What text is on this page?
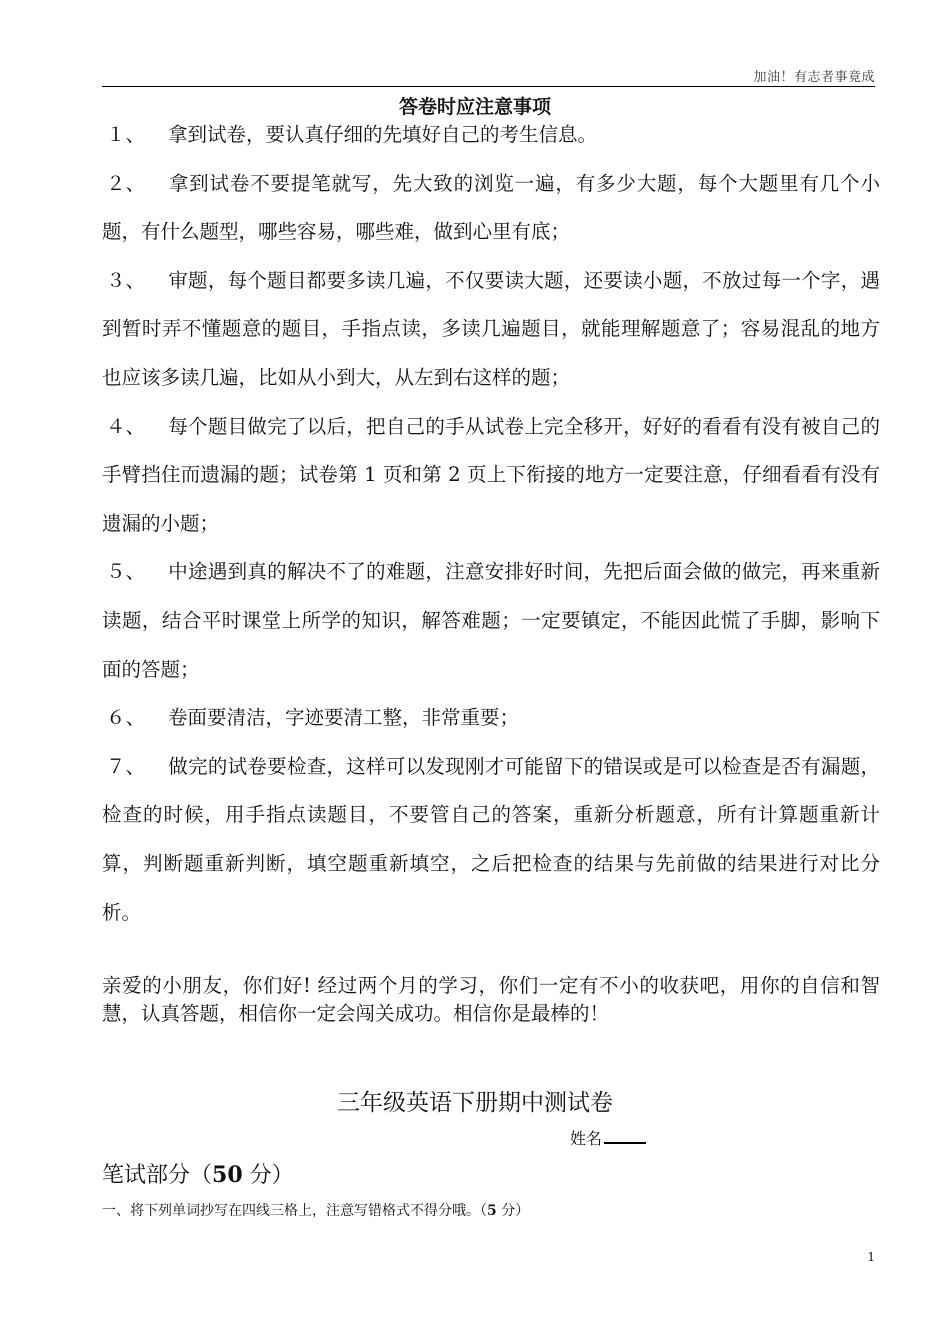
加油！有志者事竟成
答卷时应注意事项

１、 拿到试卷，要认真仔细的先填好自己的考生信息。

２、 拿到试卷不要提笔就写，先大致的浏览一遍，有多少大题，每个大题里有几个小题，有什么题型，哪些容易，哪些难，做到心里有底；

３、 审题，每个题目都要多读几遍，不仅要读大题，还要读小题，不放过每一个字，遇到暂时弄不懂题意的题目，手指点读，多读几遍题目，就能理解题意了；容易混乱的地方也应该多读几遍，比如从小到大，从左到右这样的题；

４、 每个题目做完了以后，把自己的手从试卷上完全移开，好好的看看有没有被自己的手臂挡住而遗漏的题；试卷第 1 页和第 2 页上下衔接的地方一定要注意，仔细看看有没有遗漏的小题；

５、 中途遇到真的解决不了的难题，注意安排好时间，先把后面会做的做完，再来重新读题，结合平时课堂上所学的知识，解答难题；一定要镇定，不能因此慌了手脚，影响下面的答题；

６、 卷面要清洁，字迹要清工整，非常重要；

７、 做完的试卷要检查，这样可以发现刚才可能留下的错误或是可以检查是否有漏题，检查的时候，用手指点读题目，不要管自己的答案，重新分析题意，所有计算题重新计算，判断题重新判断，填空题重新填空，之后把检查的结果与先前做的结果进行对比分析。

亲爱的小朋友，你们好! 经过两个月的学习，你们一定有不小的收获吧，用你的自信和智慧，认真答题，相信你一定会闯关成功。相信你是最棒的！
三年级英语下册期中测试卷
姓名
笔试部分（50 分）
一、将下列单词抄写在四线三格上，注意写错格式不得分哦。（5 分）
1
